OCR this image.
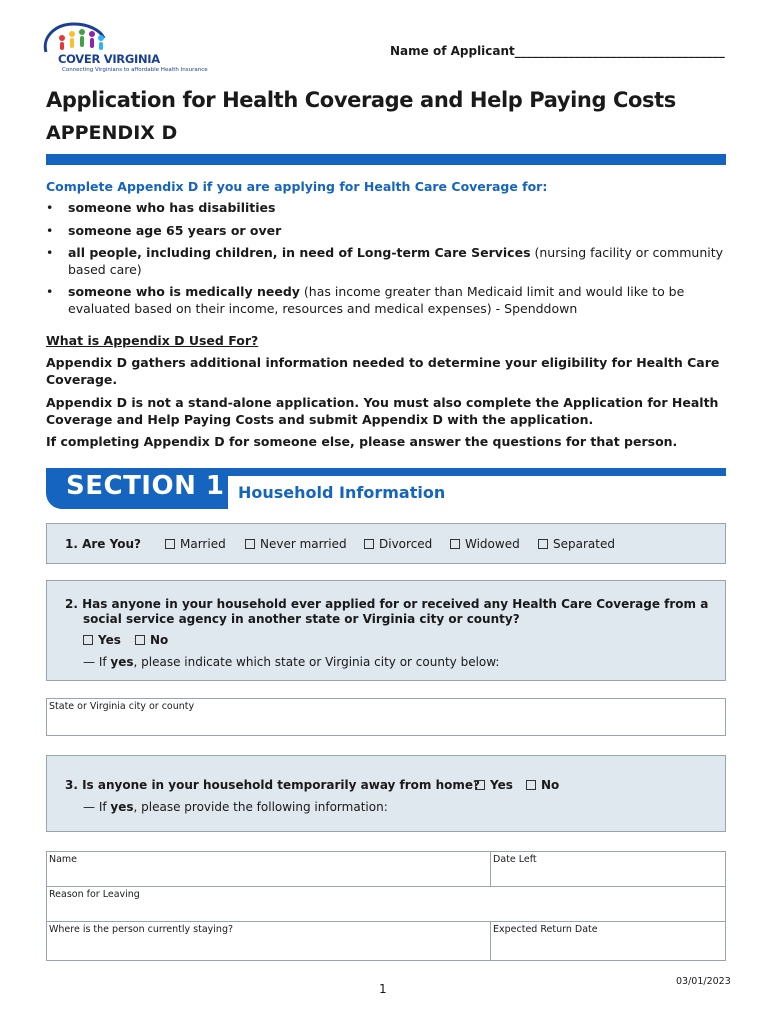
COVER VIRGINIA
Connecting Virginians to affordable Health Insurance
Name of Applicant___________________________________
Application for Health Coverage and Help Paying Costs
APPENDIX D
Complete Appendix D if you are applying for Health Care Coverage for:
• someone who has disabilities
• someone age 65 years or over
• all people, including children, in need of Long-term Care Services (nursing facility or community based care)
• someone who is medically needy (has income greater than Medicaid limit and would like to be evaluated based on their income, resources and medical expenses) - Spenddown
What is Appendix D Used For?
Appendix D gathers additional information needed to determine your eligibility for Health Care Coverage.
Appendix D is not a stand-alone application. You must also complete the Application for Health Coverage and Help Paying Costs and submit Appendix D with the application.
If completing Appendix D for someone else, please answer the questions for that person.
SECTION 1 Household Information
1. Are You?	Married	Never married	Divorced	Widowed	Separated
2. Has anyone in your household ever applied for or received any Health Care Coverage from a
social service agency in another state or Virginia city or county?
Yes	No
— If yes, please indicate which state or Virginia city or county below:
State or Virginia city or county
3. Is anyone in your household temporarily away from home? Yes	No
— If yes, please provide the following information:
Name	Date Left
Reason for Leaving
Where is the person currently staying?	Expected Return Date
1
03/01/2023
